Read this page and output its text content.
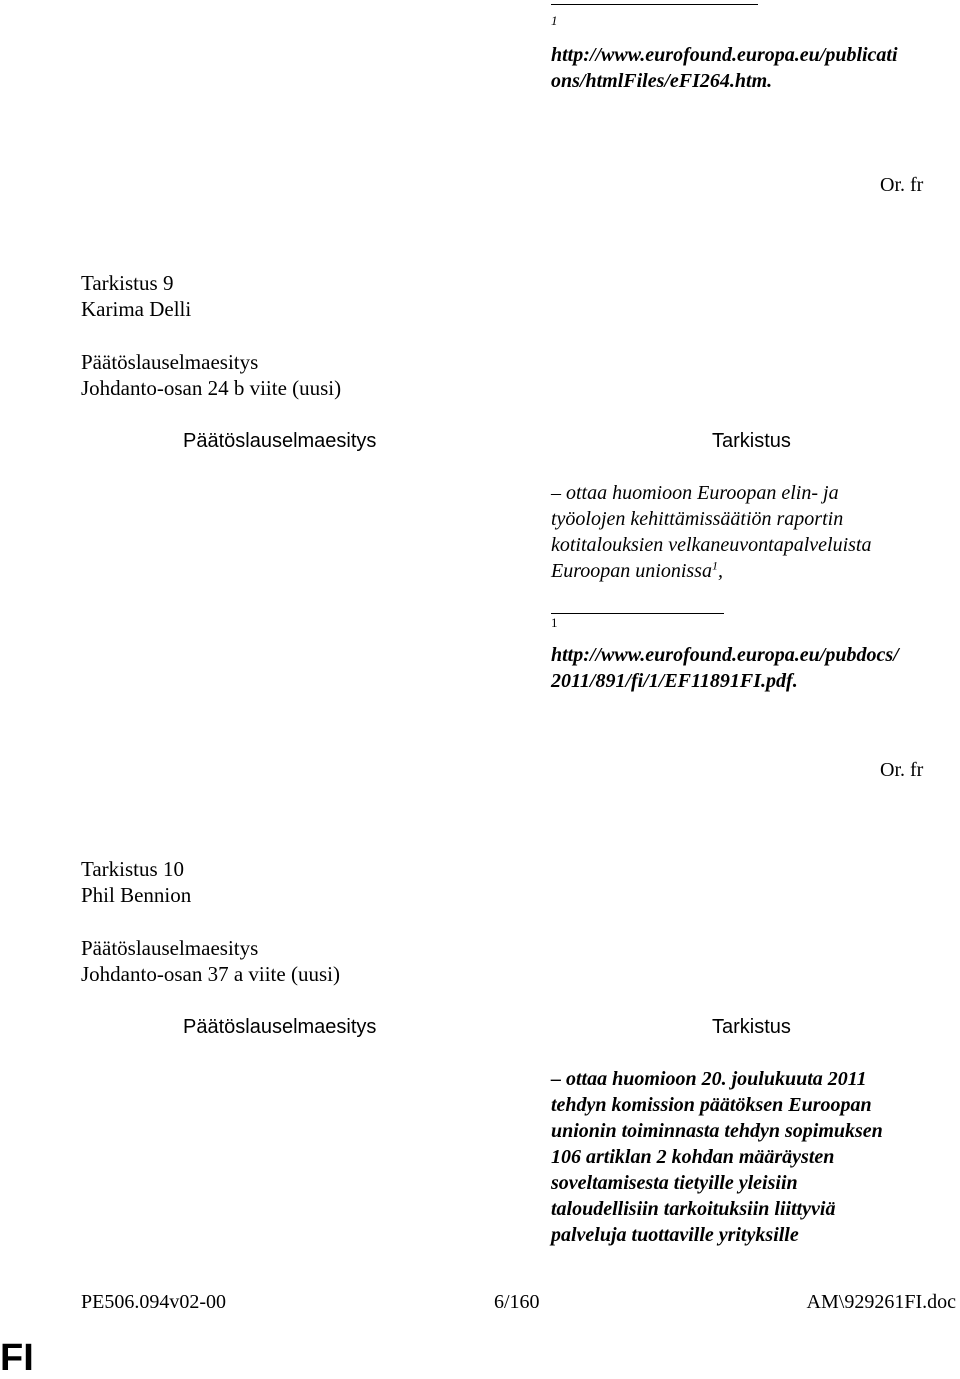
1
http://www.eurofound.europa.eu/publicati
ons/htmlFiles/eFI264.htm.
Or. fr
Tarkistus 9
Karima Delli
Päätöslauselmaesitys
Johdanto-osan 24 b viite (uusi)
Päätöslauselmaesitys	Tarkistus
– ottaa huomioon Euroopan elin- ja
työolojen kehittämissäätiön raportin
kotitalouksien velkaneuvontapalveluista
Euroopan unionissa$^1$,
1
http://www.eurofound.europa.eu/pubdocs/
2011/891/fi/1/EF11891FI.pdf.
Or. fr
Tarkistus 10
Phil Bennion
Päätöslauselmaesitys
Johdanto-osan 37 a viite (uusi)
Päätöslauselmaesitys	Tarkistus
– ottaa huomioon 20. joulukuuta 2011
tehdyn komission päätöksen Euroopan
unionin toiminnasta tehdyn sopimuksen
106 artiklan 2 kohdan määräysten
soveltamisesta tietyille yleisiin
taloudellisiin tarkoituksiin liittyviä
palveluja tuottaville yrityksille
PE506.094v02-00	6/160	AM\929261FI.doc
FI
